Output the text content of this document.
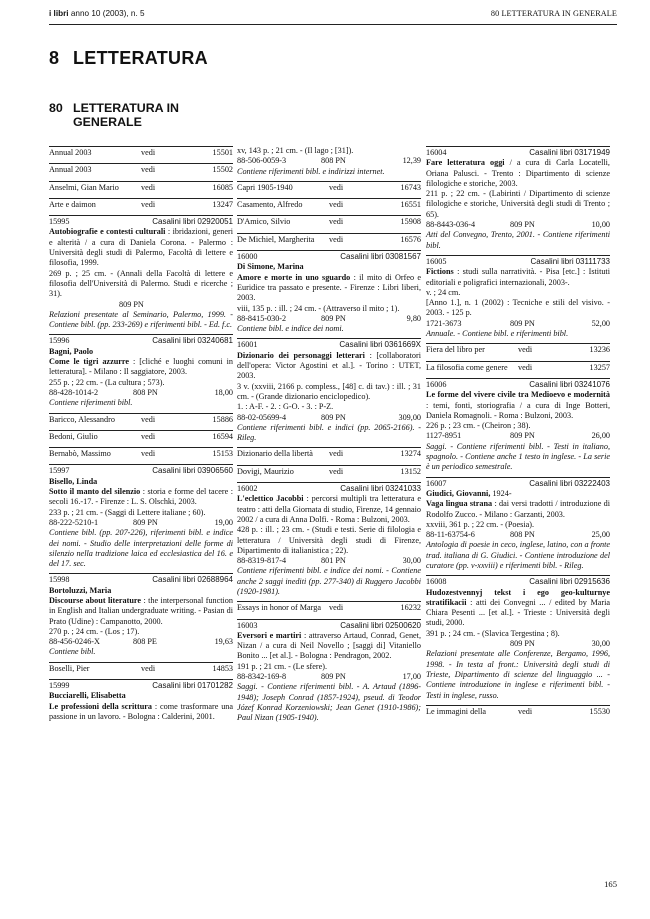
i libri anno 10 (2003), n. 5	80 LETTERATURA IN GENERALE
8 LETTERATURA
80 LETTERATURA IN
GENERALE
Annual 2003	vedi	15501
Annual 2003	vedi	15502
Anselmi, Gian Mario	vedi	16085
Arte e daimon	vedi	13247
15995	Casalini libri 02920051
Autobiografie e contesti culturali : ibridazioni, generi e alterità / a cura di Daniela Corona. - Palermo : Università degli studi di Palermo, Facoltà di lettere e filosofia, 1999.
269 p. ; 25 cm. - (Annali della Facoltà di lettere e filosofia dell'Università di Palermo. Studi e ricerche ; 31).
809 PN
Relazioni presentate al Seminario, Palermo, 1999. - Contiene bibl. (pp. 233-269) e riferimenti bibl. - Ed. f.c.
15996	Casalini libri 03240681
Bagni, Paolo
Come le tigri azzurre : [cliché e luoghi comuni in letteratura]. - Milano : Il saggiatore, 2003.
255 p. ; 22 cm. - (La cultura ; 573).
88-428-1014-2	808 PN	18,00
Contiene riferimenti bibl.
Baricco, Alessandro	vedi	15886
Bedoni, Giulio	vedi	16594
Bernabò, Massimo	vedi	15153
15997	Casalini libri 03906560
Bisello, Linda
Sotto il manto del silenzio : storia e forme del tacere : secoli 16.-17. - Firenze : L. S. Olschki, 2003.
233 p. ; 21 cm. - (Saggi di Lettere italiane ; 60).
88-222-5210-1	809 PN	19,00
Contiene bibl. (pp. 207-226), riferimenti bibl. e indice dei nomi. - Studio delle interpretazioni delle forme di silenzio nella tradizione laica ed ecclesiastica del 16. e del 17. sec.
15998	Casalini libri 02688964
Bortoluzzi, Maria
Discourse about literature : the interpersonal function in English and Italian undergraduate writing. - Pasian di Prato (Udine) : Campanotto, 2000.
270 p. ; 24 cm. - (Los ; 17).
88-456-0246-X	808 PE	19,63
Contiene bibl.
Boselli, Pier	vedi	14853
15999	Casalini libri 01701282
Bucciarelli, Elisabetta
Le professioni della scrittura : come trasformare una passione in un lavoro. - Bologna : Calderini, 2001.
xv, 143 p. ; 21 cm. - (Il lago ; [31]).
88-506-0059-3	808 PN	12,39
Contiene riferimenti bibl. e indirizzi internet.
Capri 1905-1940	vedi	16743
Casamento, Alfredo	vedi	16551
D'Amico, Silvio	vedi	15908
De Michiel, Margherita	vedi	16576
16000	Casalini libri 03081567
Di Simone, Marina
Amore e morte in uno sguardo : il mito di Orfeo e Euridice tra passato e presente. - Firenze : Libri liberi, 2003.
viii, 135 p. : ill. ; 24 cm. - (Attraverso il mito ; 1).
88-8415-030-2	809 PN	9,80
Contiene bibl. e indice dei nomi.
16001	Casalini libri 0361669X
Dizionario dei personaggi letterari : [collaboratori dell'opera: Victor Agostini et al.]. - Torino : UTET, 2003.
3 v. (xxviii, 2166 p. compless., [48] c. di tav.) : ill. ; 31 cm. - (Grande dizionario enciclopedico).
1. : A-F. - 2. : G-O. - 3. : P-Z.
88-02-05699-4	809 PN	309,00
Contiene riferimenti bibl. e indici (pp. 2065-2166). - Rileg.
Dizionario della libertà	vedi	13274
Dovigi, Maurizio	vedi	13152
16002	Casalini libri 03241033
L'eclettico Jacobbi : percorsi multipli tra letteratura e teatro : atti della Giornata di studio, Firenze, 14 gennaio 2002 / a cura di Anna Dolfi. - Roma : Bulzoni, 2003.
428 p. : ill. ; 23 cm. - (Studi e testi. Serie di filologia e letteratura / Università degli studi di Firenze, Dipartimento di italianistica ; 22).
88-8319-817-4	801 PN	30,00
Contiene riferimenti bibl. e indice dei nomi. - Contiene anche 2 saggi inediti (pp. 277-340) di Ruggero Jacobbi (1920-1981).
Essays in honor of Marga vedi	16232
16003	Casalini libri 02500620
Eversori e martiri : attraverso Artaud, Conrad, Genet, Nizan / a cura di Neil Novello ; [saggi di] Vitaniello Bonito ... [et al.]. - Bologna : Pendragon, 2002.
191 p. ; 21 cm. - (Le sfere).
88-8342-169-8	809 PN	17,00
Saggi. - Contiene riferimenti bibl. - A. Artaud (1896-1948); Joseph Conrad (1857-1924), pseud. di Teodor Józef Konrad Korzeniowski; Jean Genet (1910-1986); Paul Nizan (1905-1940).
16004	Casalini libri 03171949
Fare letteratura oggi / a cura di Carla Locatelli, Oriana Palusci. - Trento : Dipartimento di scienze filologiche e storiche, 2003.
211 p. ; 22 cm. - (Labirinti / Dipartimento di scienze filologiche e storiche, Università degli studi di Trento ; 65).
88-8443-036-4	809 PN	10,00
Atti del Convegno, Trento, 2001. - Contiene riferimenti bibl.
16005	Casalini libri 03111733
Fictions : studi sulla narratività. - Pisa [etc.] : Istituti editoriali e poligrafici internazionali, 2003-.
v. ; 24 cm.
[Anno 1.], n. 1 (2002) : Tecniche e stili del visivo. - 2003. - 125 p.
1721-3673	809 PN	52,00
Annuale. - Contiene bibl. e riferimenti bibl.
Fiera del libro per	vedi	13236
La filosofia come genere	vedi	13257
16006	Casalini libri 03241076
Le forme del vivere civile tra Medioevo e modernità : temi, fonti, storiografia / a cura di Inge Botteri, Daniela Romagnoli. - Roma : Bulzoni, 2003.
226 p. ; 23 cm. - (Cheiron ; 38).
1127-8951	809 PN	26,00
Saggi. - Contiene riferimenti bibl. - Testi in italiano, spagnolo. - Contiene anche 1 testo in inglese. - La serie è un periodico semestrale.
16007	Casalini libri 03222403
Giudici, Giovanni, 1924-
Vaga lingua strana : dai versi tradotti / introduzione di Rodolfo Zucco. - Milano : Garzanti, 2003.
xxviii, 361 p. ; 22 cm. - (Poesia).
88-11-63754-6	808 PN	25,00
Antologia di poesie in ceco, inglese, latino, con a fronte trad. italiana di G. Giudici. - Contiene introduzione del curatore (pp. v-xxviii) e riferimenti bibl. - Rileg.
16008	Casalini libri 02915636
Hudozestvennyj tekst i ego geo-kulturnye stratifikacii : atti dei Convegni ... / edited by Maria Chiara Pesenti ... [et al.]. - Trieste : Università degli studi, 2000.
391 p. ; 24 cm. - (Slavica Tergestina ; 8).
809 PN	30,00
Relazioni presentate alle Conferenze, Bergamo, 1996, 1998. - In testa al front.: Università degli studi di Trieste, Dipartimento di scienze del linguaggio ... - Contiene introduzione in inglese e riferimenti bibl. - Testi in inglese, russo.
Le immagini della	vedi	15530
165
